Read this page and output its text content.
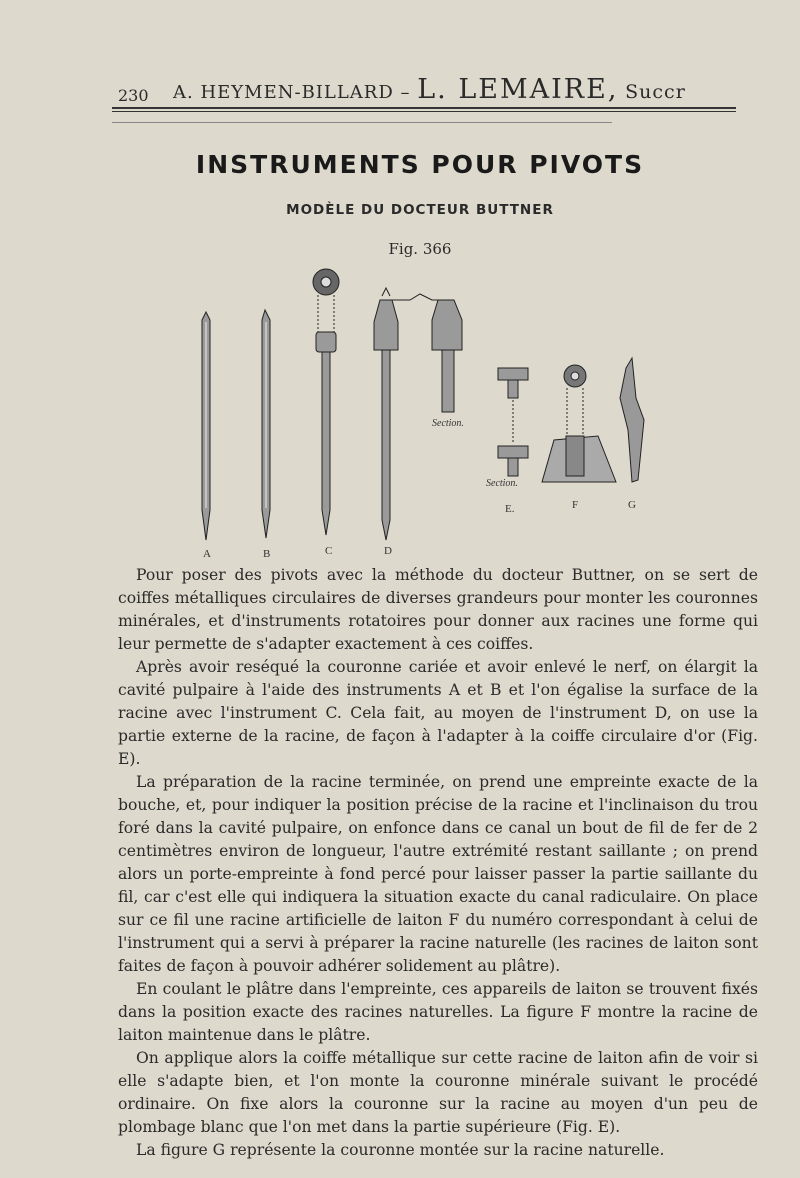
230 A. HEYMEN-BILLARD – L. LEMAIRE, Succr
INSTRUMENTS POUR PIVOTS
MODÈLE DU DOCTEUR BUTTNER
Fig. 366
A	B	C	D
E.	F	G
Section.
Section.

Pour poser des pivots avec la méthode du docteur Buttner, on se sert de coiffes métalliques circulaires de diverses grandeurs pour monter les couronnes minérales, et d'instruments rotatoires pour donner aux racines une forme qui leur permette de s'adapter exactement à ces coiffes.

Après avoir reséqué la couronne cariée et avoir enlevé le nerf, on élargit la cavité pulpaire à l'aide des instruments A et B et l'on égalise la surface de la racine avec l'instrument C. Cela fait, au moyen de l'instrument D, on use la partie externe de la racine, de façon à l'adapter à la coiffe circulaire d'or (Fig. E).

La préparation de la racine terminée, on prend une empreinte exacte de la bouche, et, pour indiquer la position précise de la racine et l'inclinaison du trou foré dans la cavité pulpaire, on enfonce dans ce canal un bout de fil de fer de 2 centimètres environ de longueur, l'autre extrémité restant saillante ; on prend alors un porte-empreinte à fond percé pour laisser passer la partie saillante du fil, car c'est elle qui indiquera la situation exacte du canal radiculaire. On place sur ce fil une racine artificielle de laiton F du numéro correspondant à celui de l'instrument qui a servi à préparer la racine naturelle (les racines de laiton sont faites de façon à pouvoir adhérer solidement au plâtre).

En coulant le plâtre dans l'empreinte, ces appareils de laiton se trouvent fixés dans la position exacte des racines naturelles. La figure F montre la racine de laiton maintenue dans le plâtre.

On applique alors la coiffe métallique sur cette racine de laiton afin de voir si elle s'adapte bien, et l'on monte la couronne minérale suivant le procédé ordinaire. On fixe alors la couronne sur la racine au moyen d'un peu de plombage blanc que l'on met dans la partie supérieure (Fig. E).

La figure G représente la couronne montée sur la racine naturelle.
